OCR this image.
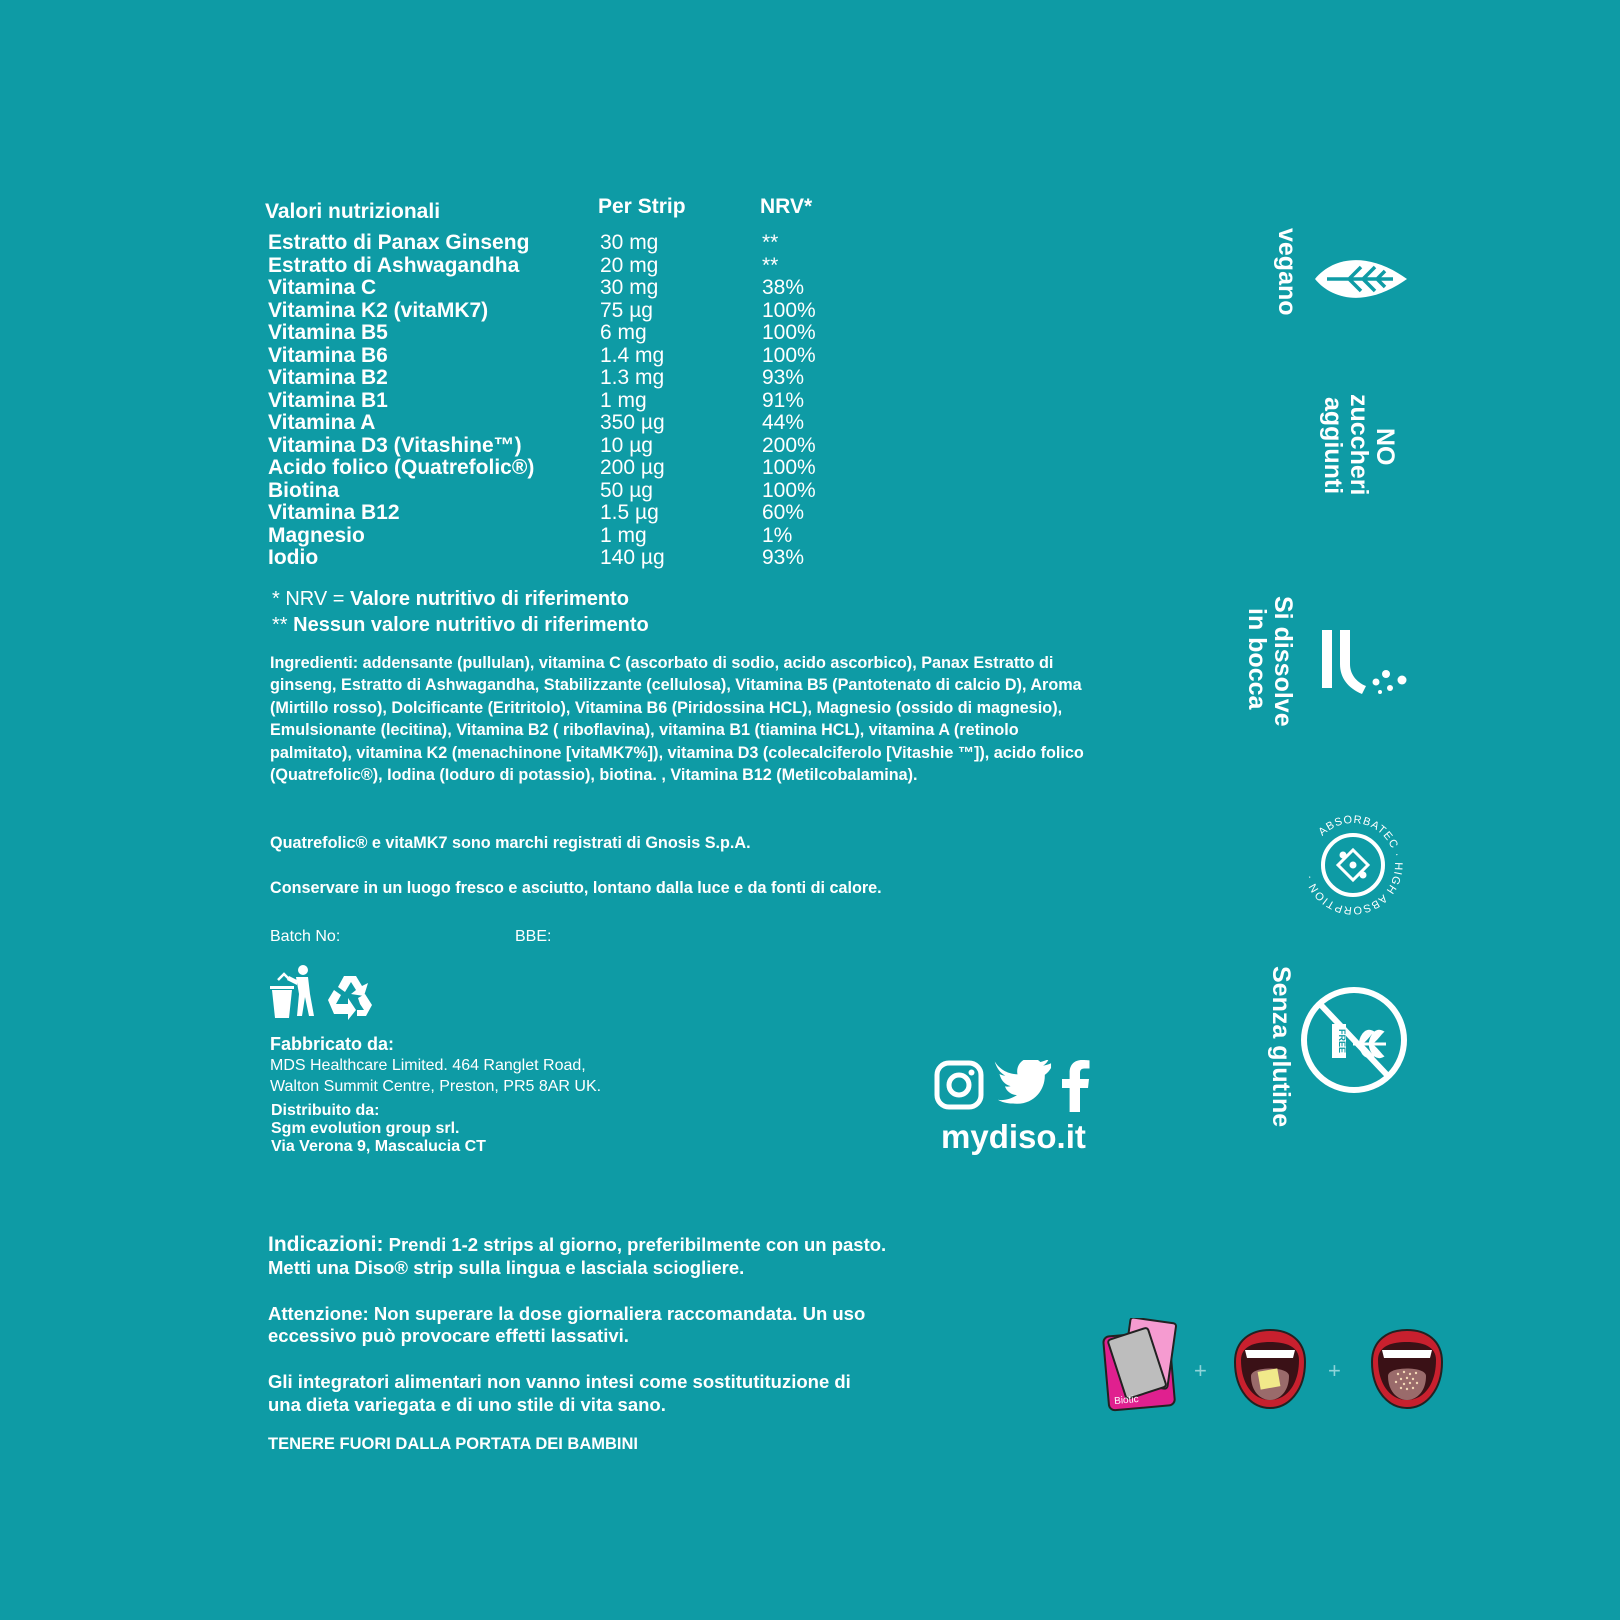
Valori nutrizionali	Per Strip	NRV*
Estratto di Panax Ginseng	30 mg	**
Estratto di Ashwagandha	20 mg	**
Vitamina C	30 mg	38%
Vitamina K2 (vitaMK7)	75 µg	100%
Vitamina B5	6 mg	100%
Vitamina B6	1.4 mg	100%
Vitamina B2	1.3 mg	93%
Vitamina B1	1 mg	91%
Vitamina A	350 µg	44%
Vitamina D3 (Vitashine™)	10 µg	200%
Acido folico (Quatrefolic®)	200 µg	100%
Biotina	50 µg	100%
Vitamina B12	1.5 µg	60%
Magnesio	1 mg	1%
Iodio	140 µg	93%
* NRV = Valore nutritivo di riferimento
** Nessun valore nutritivo di riferimento
Ingredienti: addensante (pullulan), vitamina C (ascorbato di sodio, acido ascorbico), Panax Estratto di ginseng, Estratto di Ashwagandha, Stabilizzante (cellulosa), Vitamina B5 (Pantotenato di calcio D), Aroma (Mirtillo rosso), Dolcificante (Eritritolo), Vitamina B6 (Piridossina HCL), Magnesio (ossido di magnesio), Emulsionante (lecitina), Vitamina B2 ( riboflavina), vitamina B1 (tiamina HCL), vitamina A (retinolo palmitato), vitamina K2 (menachinone [vitaMK7%]), vitamina D3 (colecalciferolo [Vitashie ™]), acido folico (Quatrefolic®), Iodina (Ioduro di potassio), biotina. , Vitamina B12 (Metilcobalamina).
Quatrefolic® e vitaMK7 sono marchi registrati di Gnosis S.p.A.
Conservare in un luogo fresco e asciutto, lontano dalla luce e da fonti di calore.
Batch No:	BBE:
Fabbricato da:
MDS Healthcare Limited. 464 Ranglet Road,
Walton Summit Centre, Preston, PR5 8AR UK.
Distribuito da:
Sgm evolution group srl.
Via Verona 9, Mascalucia CT	mydiso.it
Indicazioni: Prendi 1-2 strips al giorno, preferibilmente con un pasto.
Metti una Diso® strip sulla lingua e lasciala sciogliere.
Attenzione: Non superare la dose giornaliera raccomandata. Un uso
eccessivo può provocare effetti lassativi.
Gli integratori alimentari non vanno intesi come sostitutituzione di
una dieta variegata e di uno stile di vita sano.
TENERE FUORI DALLA PORTATA DEI BAMBINI
vegano
NO
zuccheri
aggiunti
Si dissolve
in bocca
ABSORBATEC · HIGH ABSORPTION ·
Senza glutine	FREE
Biotic
+	+
